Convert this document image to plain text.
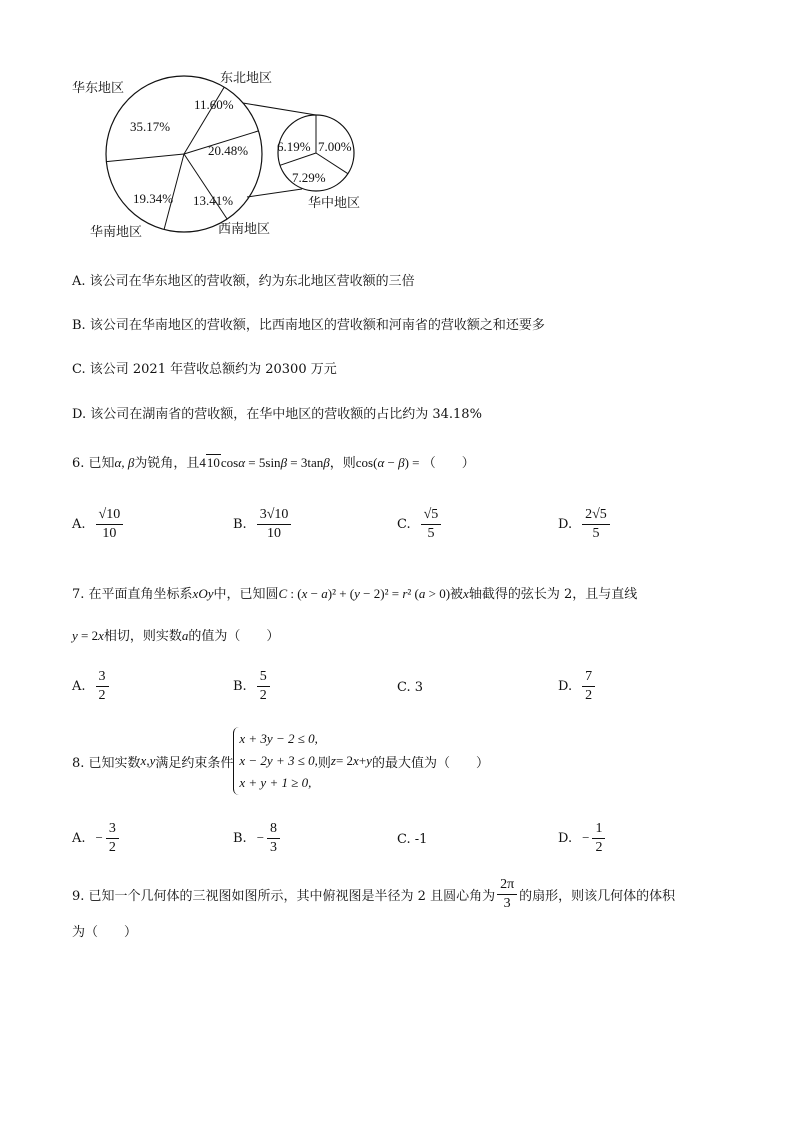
华东地区
东北地区
华中地区
西南地区
华南地区
35.17%
11.60%
20.48%
13.41%
19.34%
7.00%
7.29%
6.19%
A. 该公司在华东地区的营收额，约为东北地区营收额的三倍
B. 该公司在华南地区的营收额，比西南地区的营收额和河南省的营收额之和还要多
C. 该公司 2021 年营收总额约为 20300 万元
D. 该公司在湖南省的营收额，在华中地区的营收额的占比约为 34.18%
6. 已知α, β为锐角，且410cosα = 5sinβ = 3tanβ，则cos(α − β) = （　　）
A. $\frac{√10}{10}$	B. $\frac{3√10}{10}$	C. $\frac{√5}{5}$	D. $\frac{2√5}{5}$
7. 在平面直角坐标系xOy中，已知圆C : (x − a)² + (y − 2)² = r² (a > 0)被x轴截得的弦长为 2，且与直线
y = 2x相切，则实数a的值为（　　）
A. $\frac{3}{2}$	B. $\frac{5}{2}$	C. 3	D. $\frac{7}{2}$
8. 已知实数 x , y 满足约束条件
x + 3y − 2 ≤ 0,
x − 2y + 3 ≤ 0,
x + y + 1 ≥ 0,
则 z = 2 x + y 的最大值为（　　）
A. − $\frac{3}{2}$	B. − $\frac{8}{3}$	C. -1	D. − $\frac{1}{2}$
9. 已知一个几何体的三视图如图所示，其中俯视图是半径为 2 且圆心角为 $\frac{2\pi}{3}$ 的扇形，则该几何体的体积
为（　　）
